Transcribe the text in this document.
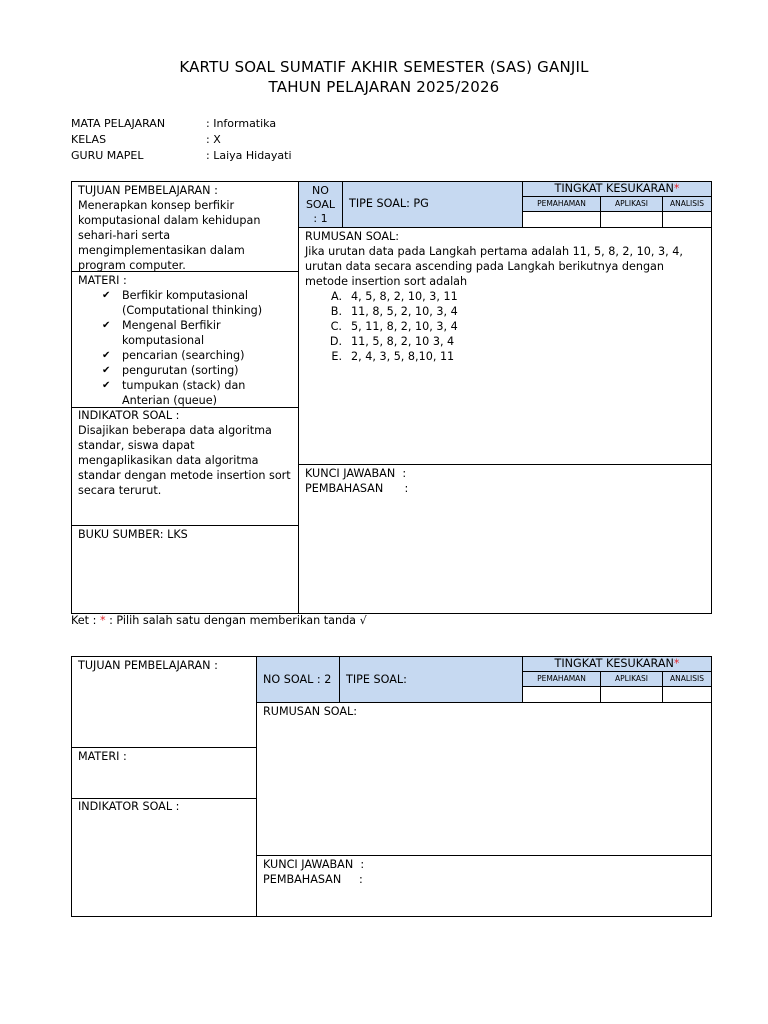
KARTU SOAL SUMATIF AKHIR SEMESTER (SAS) GANJIL
TAHUN PELAJARAN 2025/2026
MATA PELAJARAN	: Informatika
KELAS	: X
GURU MAPEL	: Laiya Hidayati
TUJUAN PEMBELAJARAN :
Menerapkan konsep berfikir komputasional dalam kehidupan sehari-hari serta mengimplementasikan dalam program computer.
MATERI :
✔ Berfikir komputasional (Computational thinking)
✔ Mengenal Berfikir komputasional
✔ pencarian (searching)
✔ pengurutan (sorting)
✔ tumpukan (stack) dan Anterian (queue)
INDIKATOR SOAL :
Disajikan beberapa data algoritma standar, siswa dapat mengaplikasikan data algoritma standar dengan metode insertion sort secara terurut.
BUKU SUMBER: LKS
NO
SOAL
: 1
TIPE SOAL: PG
TINGKAT KESUKARAN*
PEMAHAMAN	APLIKASI	ANALISIS
RUMUSAN SOAL:
Jika urutan data pada Langkah pertama adalah 11, 5, 8, 2, 10, 3, 4, urutan data secara ascending pada Langkah berikutnya dengan metode insertion sort adalah
A. 4, 5, 8, 2, 10, 3, 11
B. 11, 8, 5, 2, 10, 3, 4
C. 5, 11, 8, 2, 10, 3, 4
D. 11, 5, 8, 2, 10 3, 4
E. 2, 4, 3, 5, 8,10, 11
KUNCI JAWABAN  :
PEMBAHASAN      :
Ket : * : Pilih salah satu dengan memberikan tanda √
TUJUAN PEMBELAJARAN :
MATERI :
INDIKATOR SOAL :
NO SOAL : 2	TIPE SOAL:
TINGKAT KESUKARAN*
PEMAHAMAN	APLIKASI	ANALISIS
RUMUSAN SOAL:
KUNCI JAWABAN  :
PEMBAHASAN     :
